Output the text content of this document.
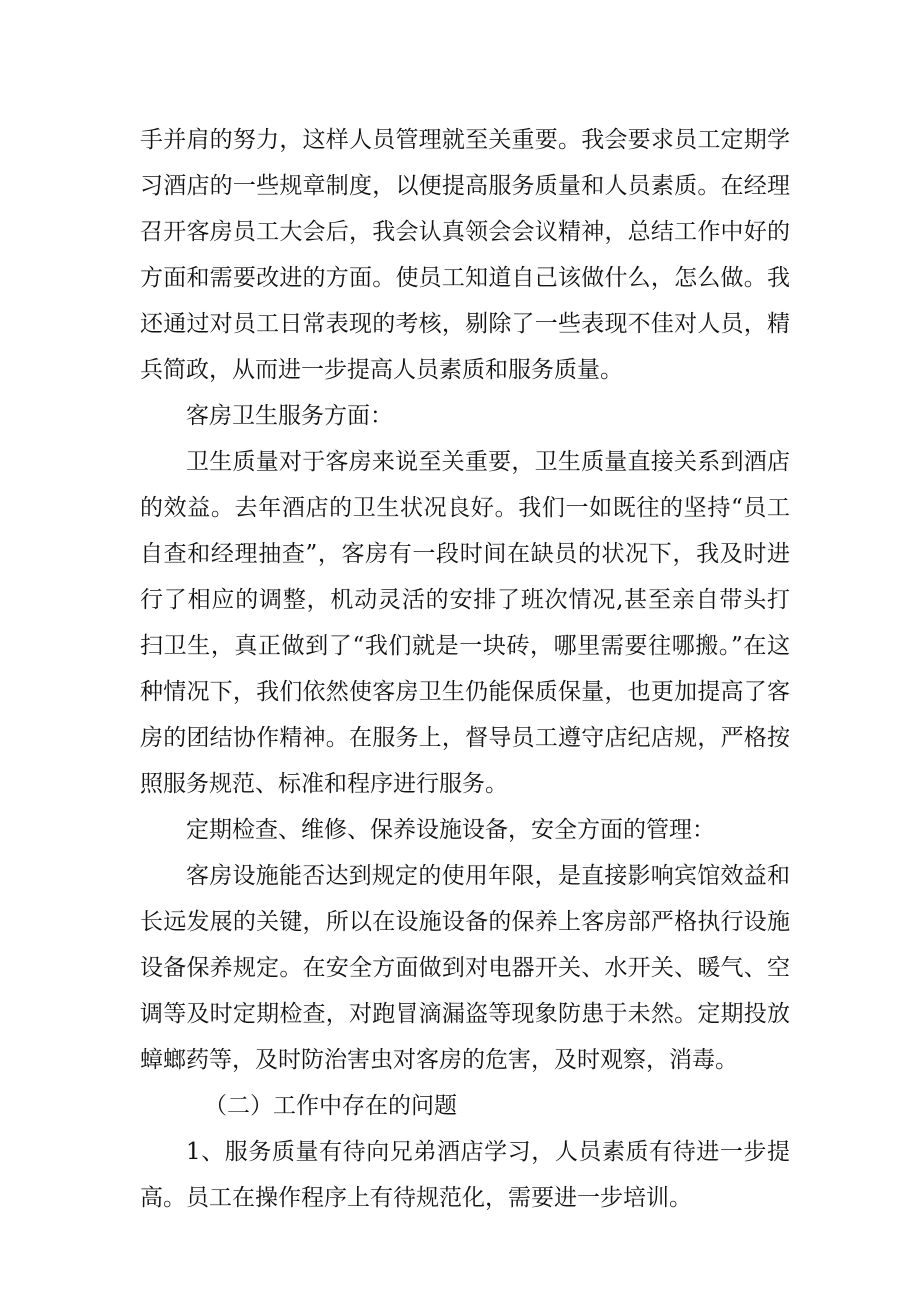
手并肩的努力，这样人员管理就至关重要。我会要求员工定期学习酒店的一些规章制度，以便提高服务质量和人员素质。在经理召开客房员工大会后，我会认真领会会议精神，总结工作中好的方面和需要改进的方面。使员工知道自己该做什么，怎么做。我还通过对员工日常表现的考核，剔除了一些表现不佳对人员，精兵简政，从而进一步提高人员素质和服务质量。

客房卫生服务方面：

卫生质量对于客房来说至关重要，卫生质量直接关系到酒店的效益。去年酒店的卫生状况良好。我们一如既往的坚持“员工自查和经理抽查”，客房有一段时间在缺员的状况下，我及时进行了相应的调整，机动灵活的安排了班次情况,甚至亲自带头打扫卫生，真正做到了“我们就是一块砖，哪里需要往哪搬。”在这种情况下，我们依然使客房卫生仍能保质保量，也更加提高了客房的团结协作精神。在服务上，督导员工遵守店纪店规，严格按照服务规范、标准和程序进行服务。

定期检查、维修、保养设施设备，安全方面的管理：

客房设施能否达到规定的使用年限，是直接影响宾馆效益和长远发展的关键，所以在设施设备的保养上客房部严格执行设施设备保养规定。在安全方面做到对电器开关、水开关、暖气、空调等及时定期检查，对跑冒滴漏盗等现象防患于未然。定期投放蟑螂药等，及时防治害虫对客房的危害，及时观察，消毒。

（二）工作中存在的问题

1、服务质量有待向兄弟酒店学习，人员素质有待进一步提高。员工在操作程序上有待规范化，需要进一步培训。
